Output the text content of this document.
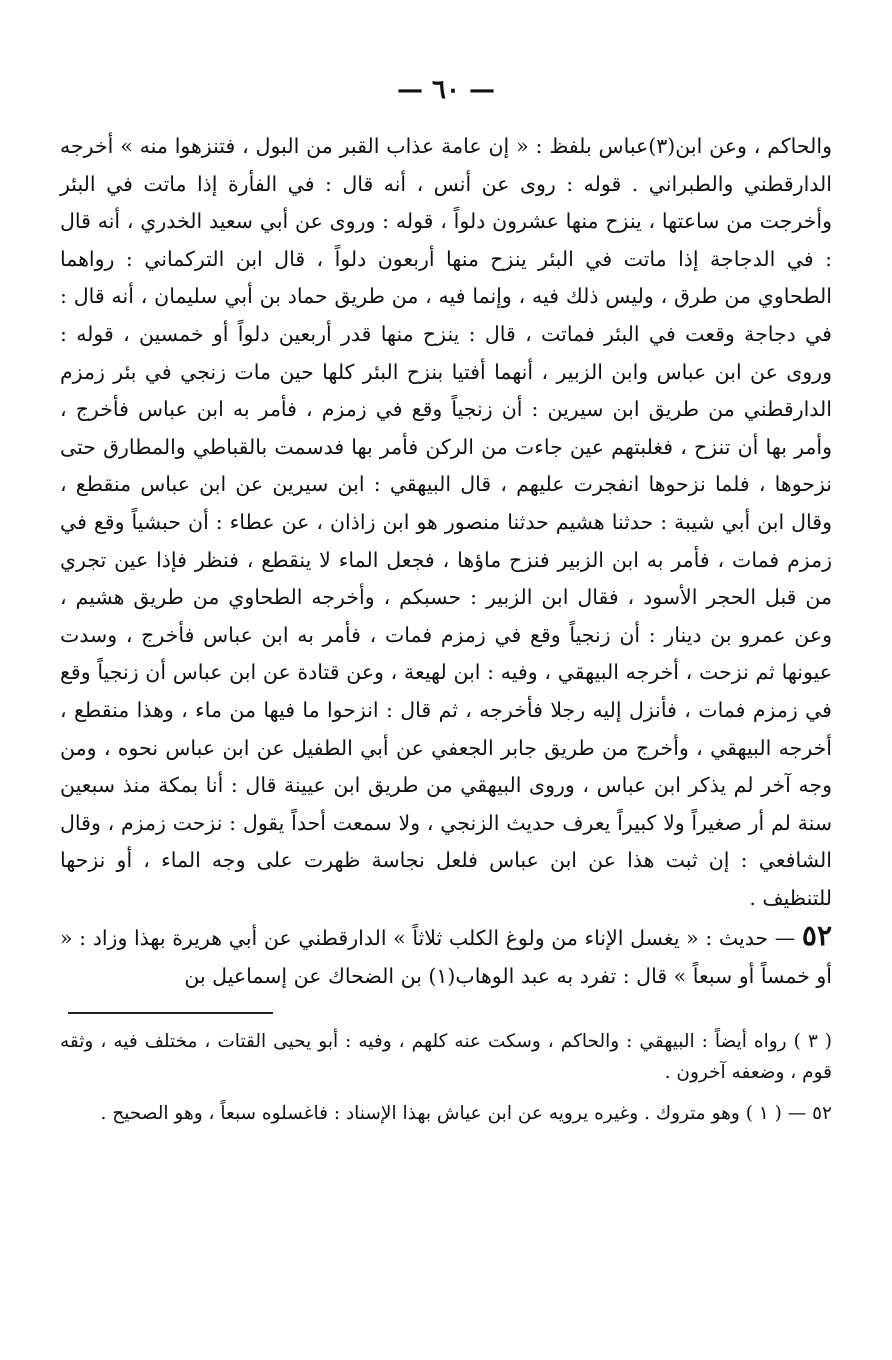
— ٦٠ —

والحاكم ، وعن ابن(٣)عباس بلفظ : « إن عامة عذاب القبر من البول ، فتنزهوا منه » أخرجه الدارقطني والطبراني . قوله : روى عن أنس ، أنه قال : في الفأرة إذا ماتت في البئر وأخرجت من ساعتها ، ينزح منها عشرون دلواً ، قوله : وروى عن أبي سعيد الخدري ، أنه قال : في الدجاجة إذا ماتت في البئر ينزح منها أربعون دلواً ، قال ابن التركماني : رواهما الطحاوي من طرق ، وليس ذلك فيه ، وإنما فيه ، من طريق حماد بن أبي سليمان ، أنه قال : في دجاجة وقعت في البئر فماتت ، قال : ينزح منها قدر أربعين دلواً أو خمسين ، قوله : وروى عن ابن عباس وابن الزبير ، أنهما أفتيا بنزح البئر كلها حين مات زنجي في بئر زمزم الدارقطني من طريق ابن سيرين : أن زنجياً وقع في زمزم ، فأمر به ابن عباس فأخرج ، وأمر بها أن تنزح ، فغلبتهم عين جاءت من الركن فأمر بها فدسمت بالقباطي والمطارق حتى نزحوها ، فلما نزحوها انفجرت عليهم ، قال البيهقي : ابن سيرين عن ابن عباس منقطع ، وقال ابن أبي شيبة : حدثنا هشيم حدثنا منصور هو ابن زاذان ، عن عطاء : أن حبشياً وقع في زمزم فمات ، فأمر به ابن الزبير فنزح ماؤها ، فجعل الماء لا ينقطع ، فنظر فإذا عين تجري من قبل الحجر الأسود ، فقال ابن الزبير : حسبكم ، وأخرجه الطحاوي من طريق هشيم ، وعن عمرو بن دينار : أن زنجياً وقع في زمزم فمات ، فأمر به ابن عباس فأخرج ، وسدت عيونها ثم نزحت ، أخرجه البيهقي ، وفيه : ابن لهيعة ، وعن قتادة عن ابن عباس أن زنجياً وقع في زمزم فمات ، فأنزل إليه رجلا فأخرجه ، ثم قال : انزحوا ما فيها من ماء ، وهذا منقطع ، أخرجه البيهقي ، وأخرج من طريق جابر الجعفي عن أبي الطفيل عن ابن عباس نحوه ، ومن وجه آخر لم يذكر ابن عباس ، وروى البيهقي من طريق ابن عيينة قال : أنا بمكة منذ سبعين سنة لم أر صغيراً ولا كبيراً يعرف حديث الزنجي ، ولا سمعت أحداً يقول : نزحت زمزم ، وقال الشافعي : إن ثبت هذا عن ابن عباس فلعل نجاسة ظهرت على وجه الماء ، أو نزحها للتنظيف .

٥٢ — حديث : « يغسل الإناء من ولوغ الكلب ثلاثاً » الدارقطني عن أبي هريرة بهذا وزاد : « أو خمساً أو سبعاً » قال : تفرد به عبد الوهاب(١) بن الضحاك عن إسماعيل بن

( ٣ ) رواه أيضاً : البيهقي : والحاكم ، وسكت عنه كلهم ، وفيه : أبو يحيى القتات ، مختلف فيه ، وثقه قوم ، وضعفه آخرون .

٥٢ — ( ١ ) وهو متروك . وغيره يرويه عن ابن عياش بهذا الإسناد : فاغسلوه سبعاً ، وهو الصحيح .
